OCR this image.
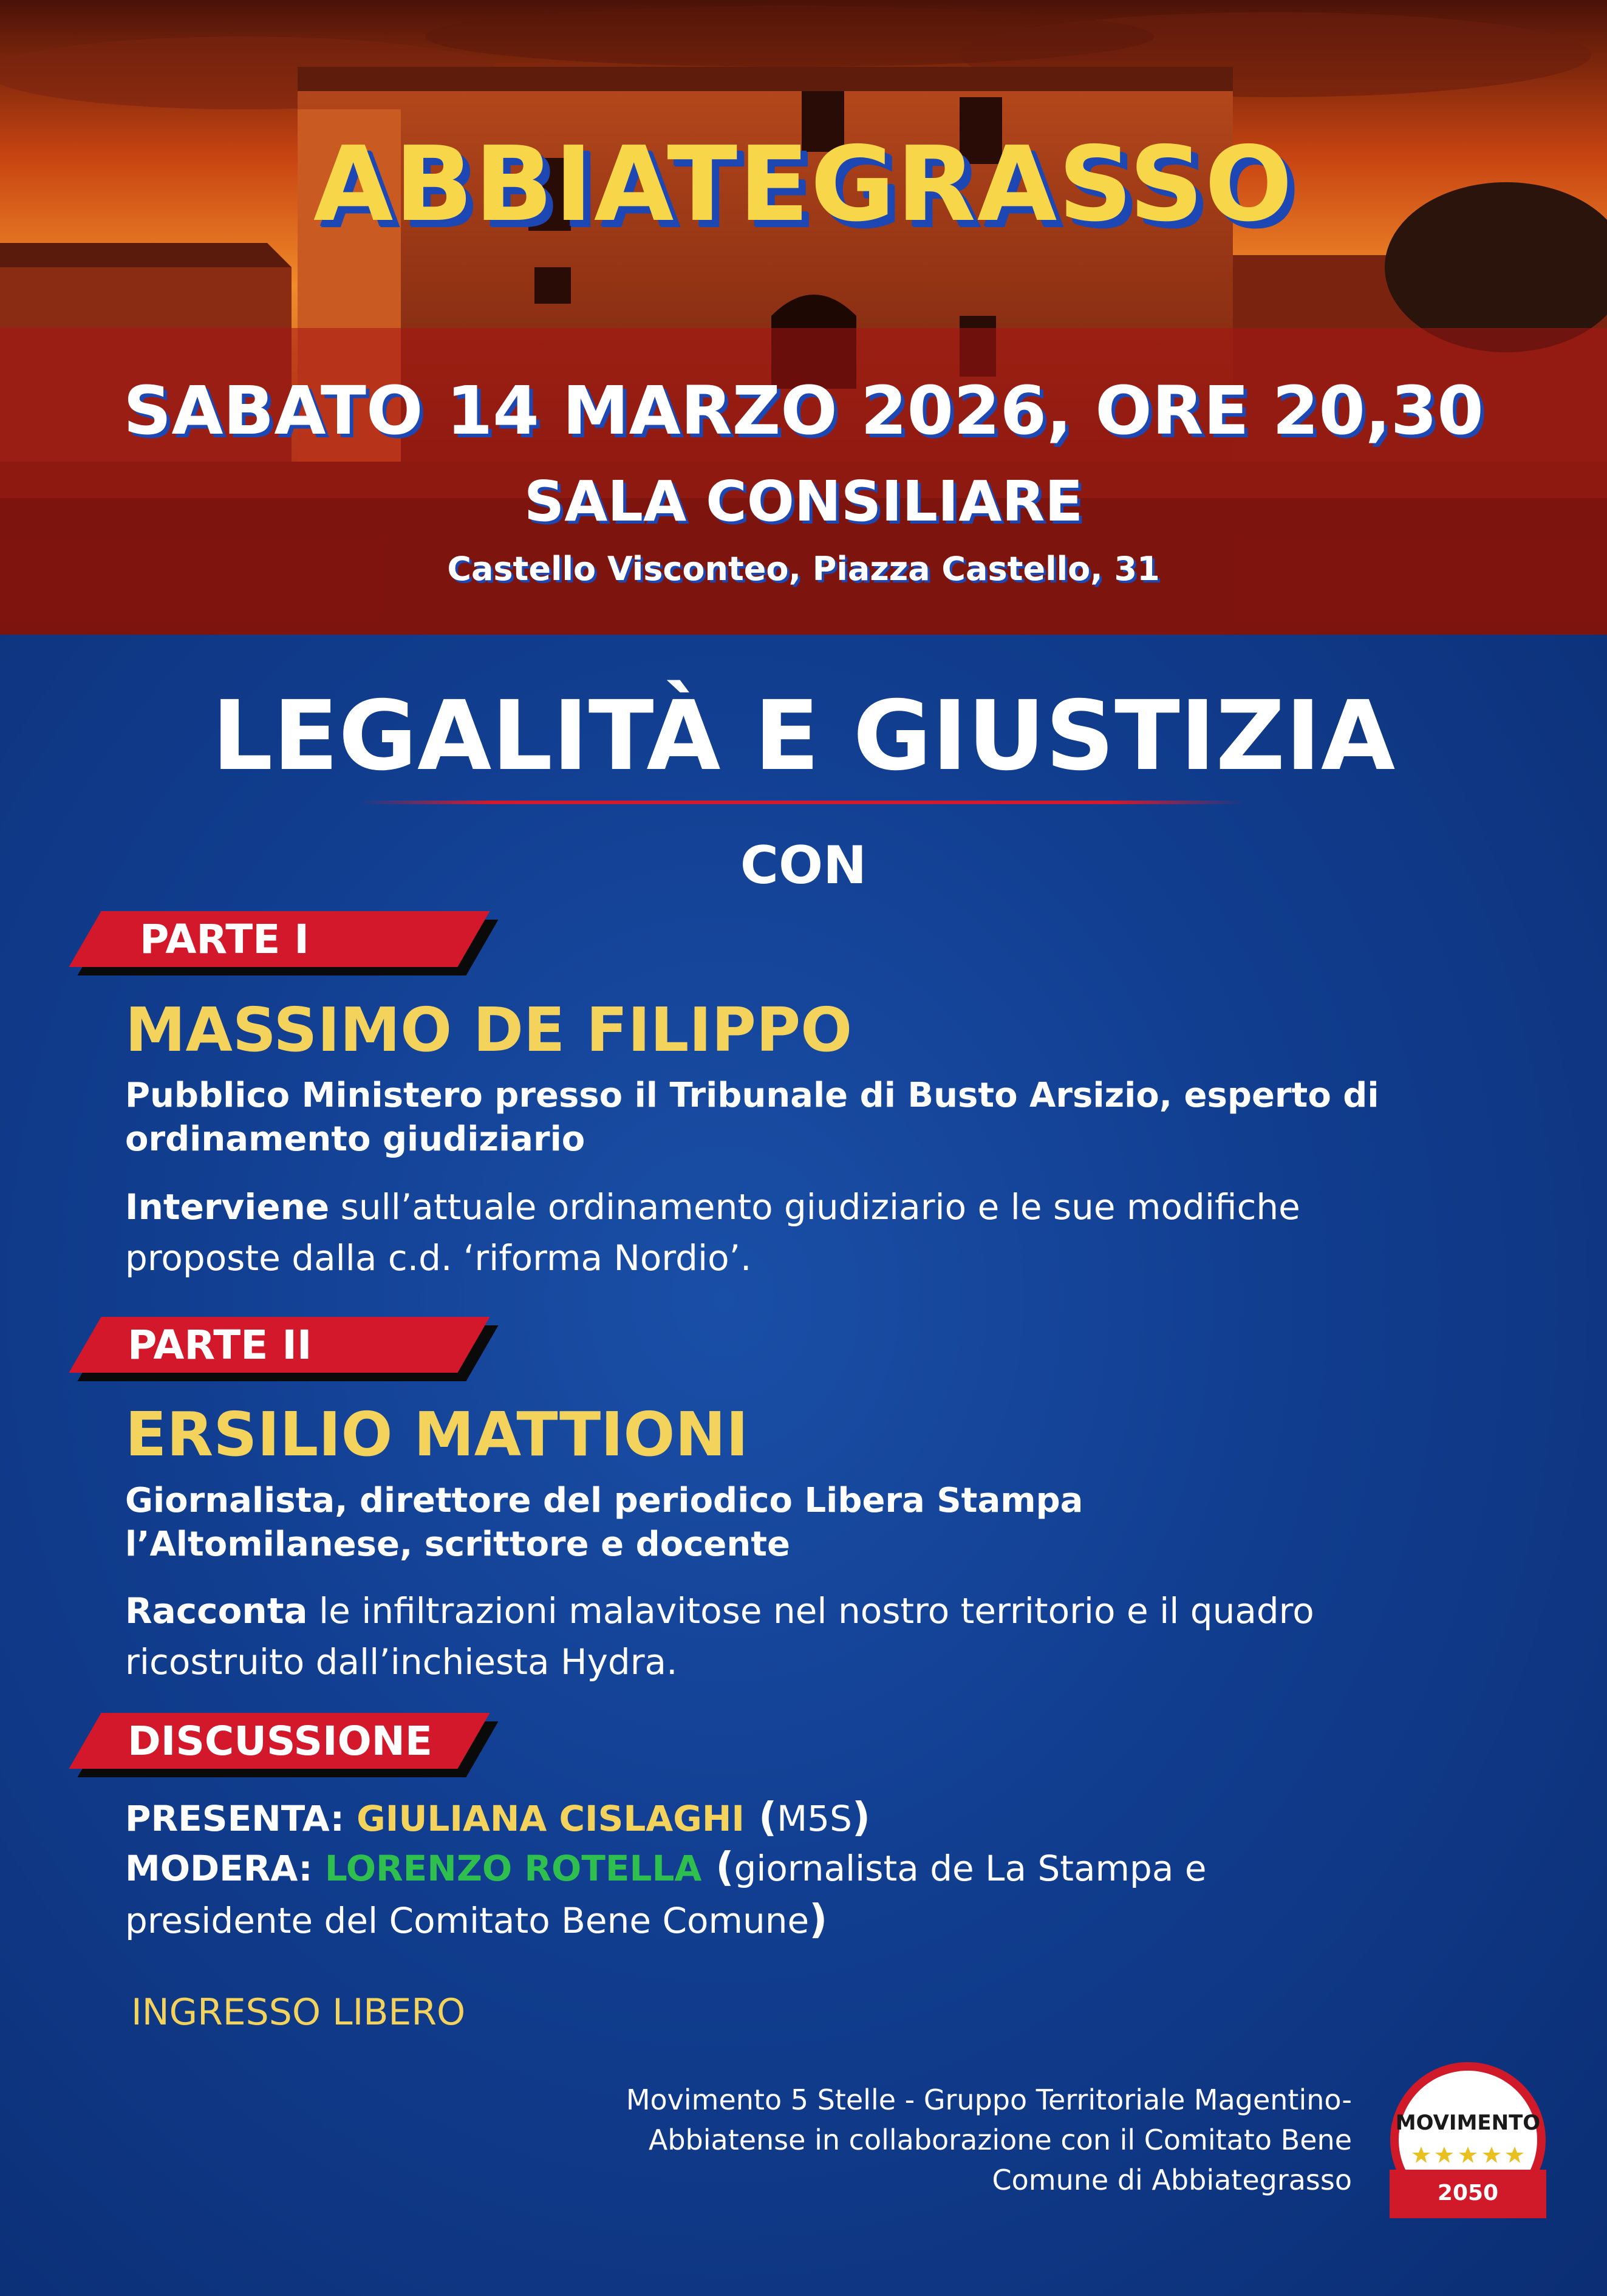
ABBIATEGRASSO
SABATO 14 MARZO 2026, ORE 20,30
SALA CONSILIARE
Castello Visconteo, Piazza Castello, 31
LEGALITÀ E GIUSTIZIA
CON
PARTE I
MASSIMO DE FILIPPO
Pubblico Ministero presso il Tribunale di Busto Arsizio, esperto di ordinamento giudiziario
Interviene sull’attuale ordinamento giudiziario e le sue modifiche proposte dalla c.d. ‘riforma Nordio’.
PARTE II
ERSILIO MATTIONI
Giornalista, direttore del periodico Libera Stampa l’Altomilanese, scrittore e docente
Racconta le infiltrazioni malavitose nel nostro territorio e il quadro ricostruito dall’inchiesta Hydra.
DISCUSSIONE
PRESENTA: GIULIANA CISLAGHI (M5S)
MODERA: LORENZO ROTELLA (giornalista de La Stampa e presidente del Comitato Bene Comune)
INGRESSO LIBERO
Movimento 5 Stelle - Gruppo Territoriale Magentino-Abbiatense in collaborazione con il Comitato Bene Comune di Abbiategrasso
MOVIMENTO
2050
